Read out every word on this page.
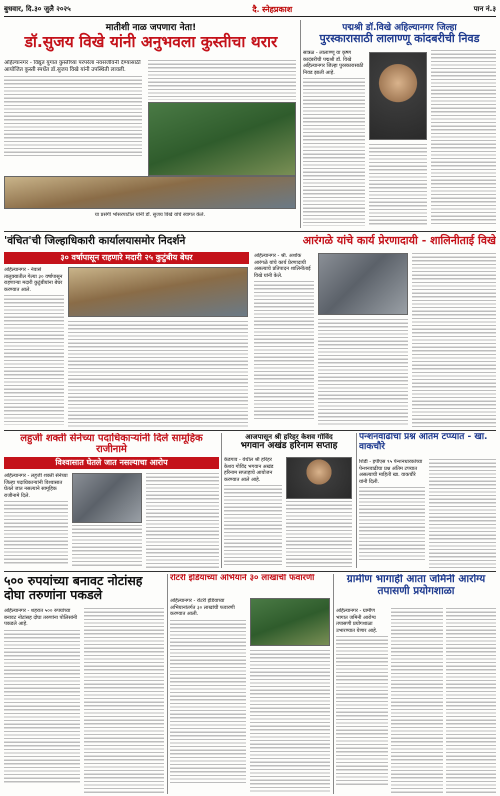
बुधवार, दि.३० जुलै २०२५	दै. स्नेहप्रकाश	पान नं.३
मातीशी नाळ जपणारा नेता!
डॉ.सुजय विखे यांनी अनुभवला कुस्तीचा थरार
अहिल्यानगर - विद्युत युगात कुस्तीच्या परंपरेला नवसंजीवनी देण्यासाठी आयोजित कुस्ती स्पर्धेत डॉ.सुजय विखे यांनी उपस्थिती लावली.
या प्रसंगी भोसरपाटील यांनी डॉ. सुजय विखे यांचे स्वागत केले.
पद्मश्री डॉ.विखे अहिल्यानगर जिल्हा
पुरस्कारासाठी लालाण्णू कांदबरीची निवड
सात्रळ - लालाण्णू या कृष्ण कादंबरीची पद्मश्री डॉ. विखे अहिल्यानगर जिल्हा पुरस्कारासाठी निवड झाली आहे.
'वंचित'ची जिल्हाधिकारी कार्यालयासमोर निदर्शने	आरंगळे यांचे कार्य प्रेरणादायी - शालिनीताई विखे
३० वर्षापासून राहणारे मदारी २५ कुटुंबीय बेघर
अहिल्यानगर - नेवासे तालुक्यातील गेल्या ३० वर्षापासून राहणाऱ्या मदारी कुटुंबीयांना बेघर करण्यात आले.
अहिल्यानगर - श्री. अशोक आरंगळे यांचे कार्य प्रेरणादायी असल्याचे प्रतिपादन शालिनीताई विखे यांनी केले.
लहुजी शक्ती सेनेच्या पदाधिकाऱ्यांनी दिले सामूहिक राजीनामे
विश्वासात घेतले जात नसल्याचा आरोप
अहिल्यानगर - लहुजी शक्ती सेनेच्या जिल्हा पदाधिकाऱ्यांनी विश्वासात घेतले जात नसल्याने सामूहिक राजीनामे दिले.
आजपासून श्री हरिहर केशव गोविंद
भगवान अखंड हरिनाम सप्ताह
केडगाव - येथील श्री हरिहर केशव गोविंद भगवान अखंड हरिनाम सप्ताहाचे आयोजन करण्यात आले आहे.
पेन्शनवाढीचा प्रश्न अंतिम टप्प्यात - खा. वाकचौरे
शिर्डी - इपीएस ९५ पेन्शनधारकांच्या पेन्शनवाढीचा प्रश्न अंतिम टप्प्यात असल्याची माहिती खा. वाकचौरे यांनी दिली.
५०० रुपयांच्या बनावट नोटांसह दोघा तरुणांना पकडले
अहिल्यानगर - शहरात ५०० रुपयांच्या बनावट नोटांसह दोघा तरुणांना पोलिसांनी पकडले आहे.
रोटरी इंडियाच्या अभियाने ३० लाखांची फवारणी
अहिल्यानगर - रोटरी इंडियाच्या अभियानांतर्गत ३० लाखांची फवारणी करण्यात आली.
ग्रामीण भागाही आता जमिनी आरोग्य तपासणी प्रयोगशाळा
अहिल्यानगर - ग्रामीण भागात जमिनी आरोग्य तपासणी प्रयोगशाळा उभारण्यात येणार आहे.
